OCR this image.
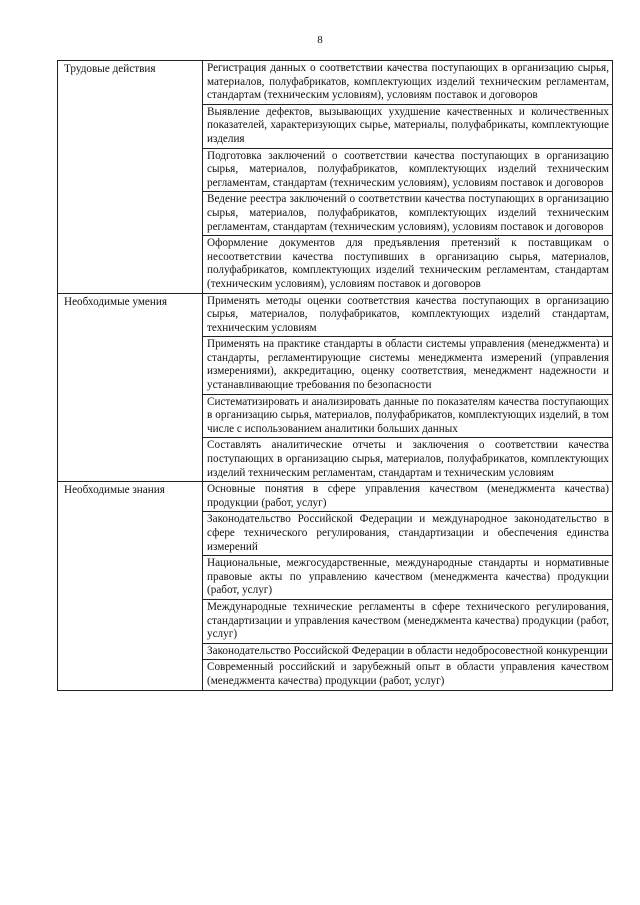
8
Трудовые действия	Регистрация данных о соответствии качества поступающих в организацию сырья, материалов, полуфабрикатов, комплектующих изделий техническим регламентам, стандартам (техническим условиям), условиям поставок и договоров
	Выявление дефектов, вызывающих ухудшение качественных и количественных показателей, характеризующих сырье, материалы, полуфабрикаты, комплектующие изделия
	Подготовка заключений о соответствии качества поступающих в организацию сырья, материалов, полуфабрикатов, комплектующих изделий техническим регламентам, стандартам (техническим условиям), условиям поставок и договоров
	Ведение реестра заключений о соответствии качества поступающих в организацию сырья, материалов, полуфабрикатов, комплектующих изделий техническим регламентам, стандартам (техническим условиям), условиям поставок и договоров
	Оформление документов для предъявления претензий к поставщикам о несоответствии качества поступивших в организацию сырья, материалов, полуфабрикатов, комплектующих изделий техническим регламентам, стандартам (техническим условиям), условиям поставок и договоров
Необходимые умения	Применять методы оценки соответствия качества поступающих в организацию сырья, материалов, полуфабрикатов, комплектующих изделий стандартам, техническим условиям
	Применять на практике стандарты в области системы управления (менеджмента) и стандарты, регламентирующие системы менеджмента измерений (управления измерениями), аккредитацию, оценку соответствия, менеджмент надежности и устанавливающие требования по безопасности
	Систематизировать и анализировать данные по показателям качества поступающих в организацию сырья, материалов, полуфабрикатов, комплектующих изделий, в том числе с использованием аналитики больших данных
	Составлять аналитические отчеты и заключения о соответствии качества поступающих в организацию сырья, материалов, полуфабрикатов, комплектующих изделий техническим регламентам, стандартам и техническим условиям
Необходимые знания	Основные понятия в сфере управления качеством (менеджмента качества) продукции (работ, услуг)
	Законодательство Российской Федерации и международное законодательство в сфере технического регулирования, стандартизации и обеспечения единства измерений
	Национальные, межгосударственные, международные стандарты и нормативные правовые акты по управлению качеством (менеджмента качества) продукции (работ, услуг)
	Международные технические регламенты в сфере технического регулирования, стандартизации и управления качеством (менеджмента качества) продукции (работ, услуг)
	Законодательство Российской Федерации в области недобросовестной конкуренции
	Современный российский и зарубежный опыт в области управления качеством (менеджмента качества) продукции (работ, услуг)
